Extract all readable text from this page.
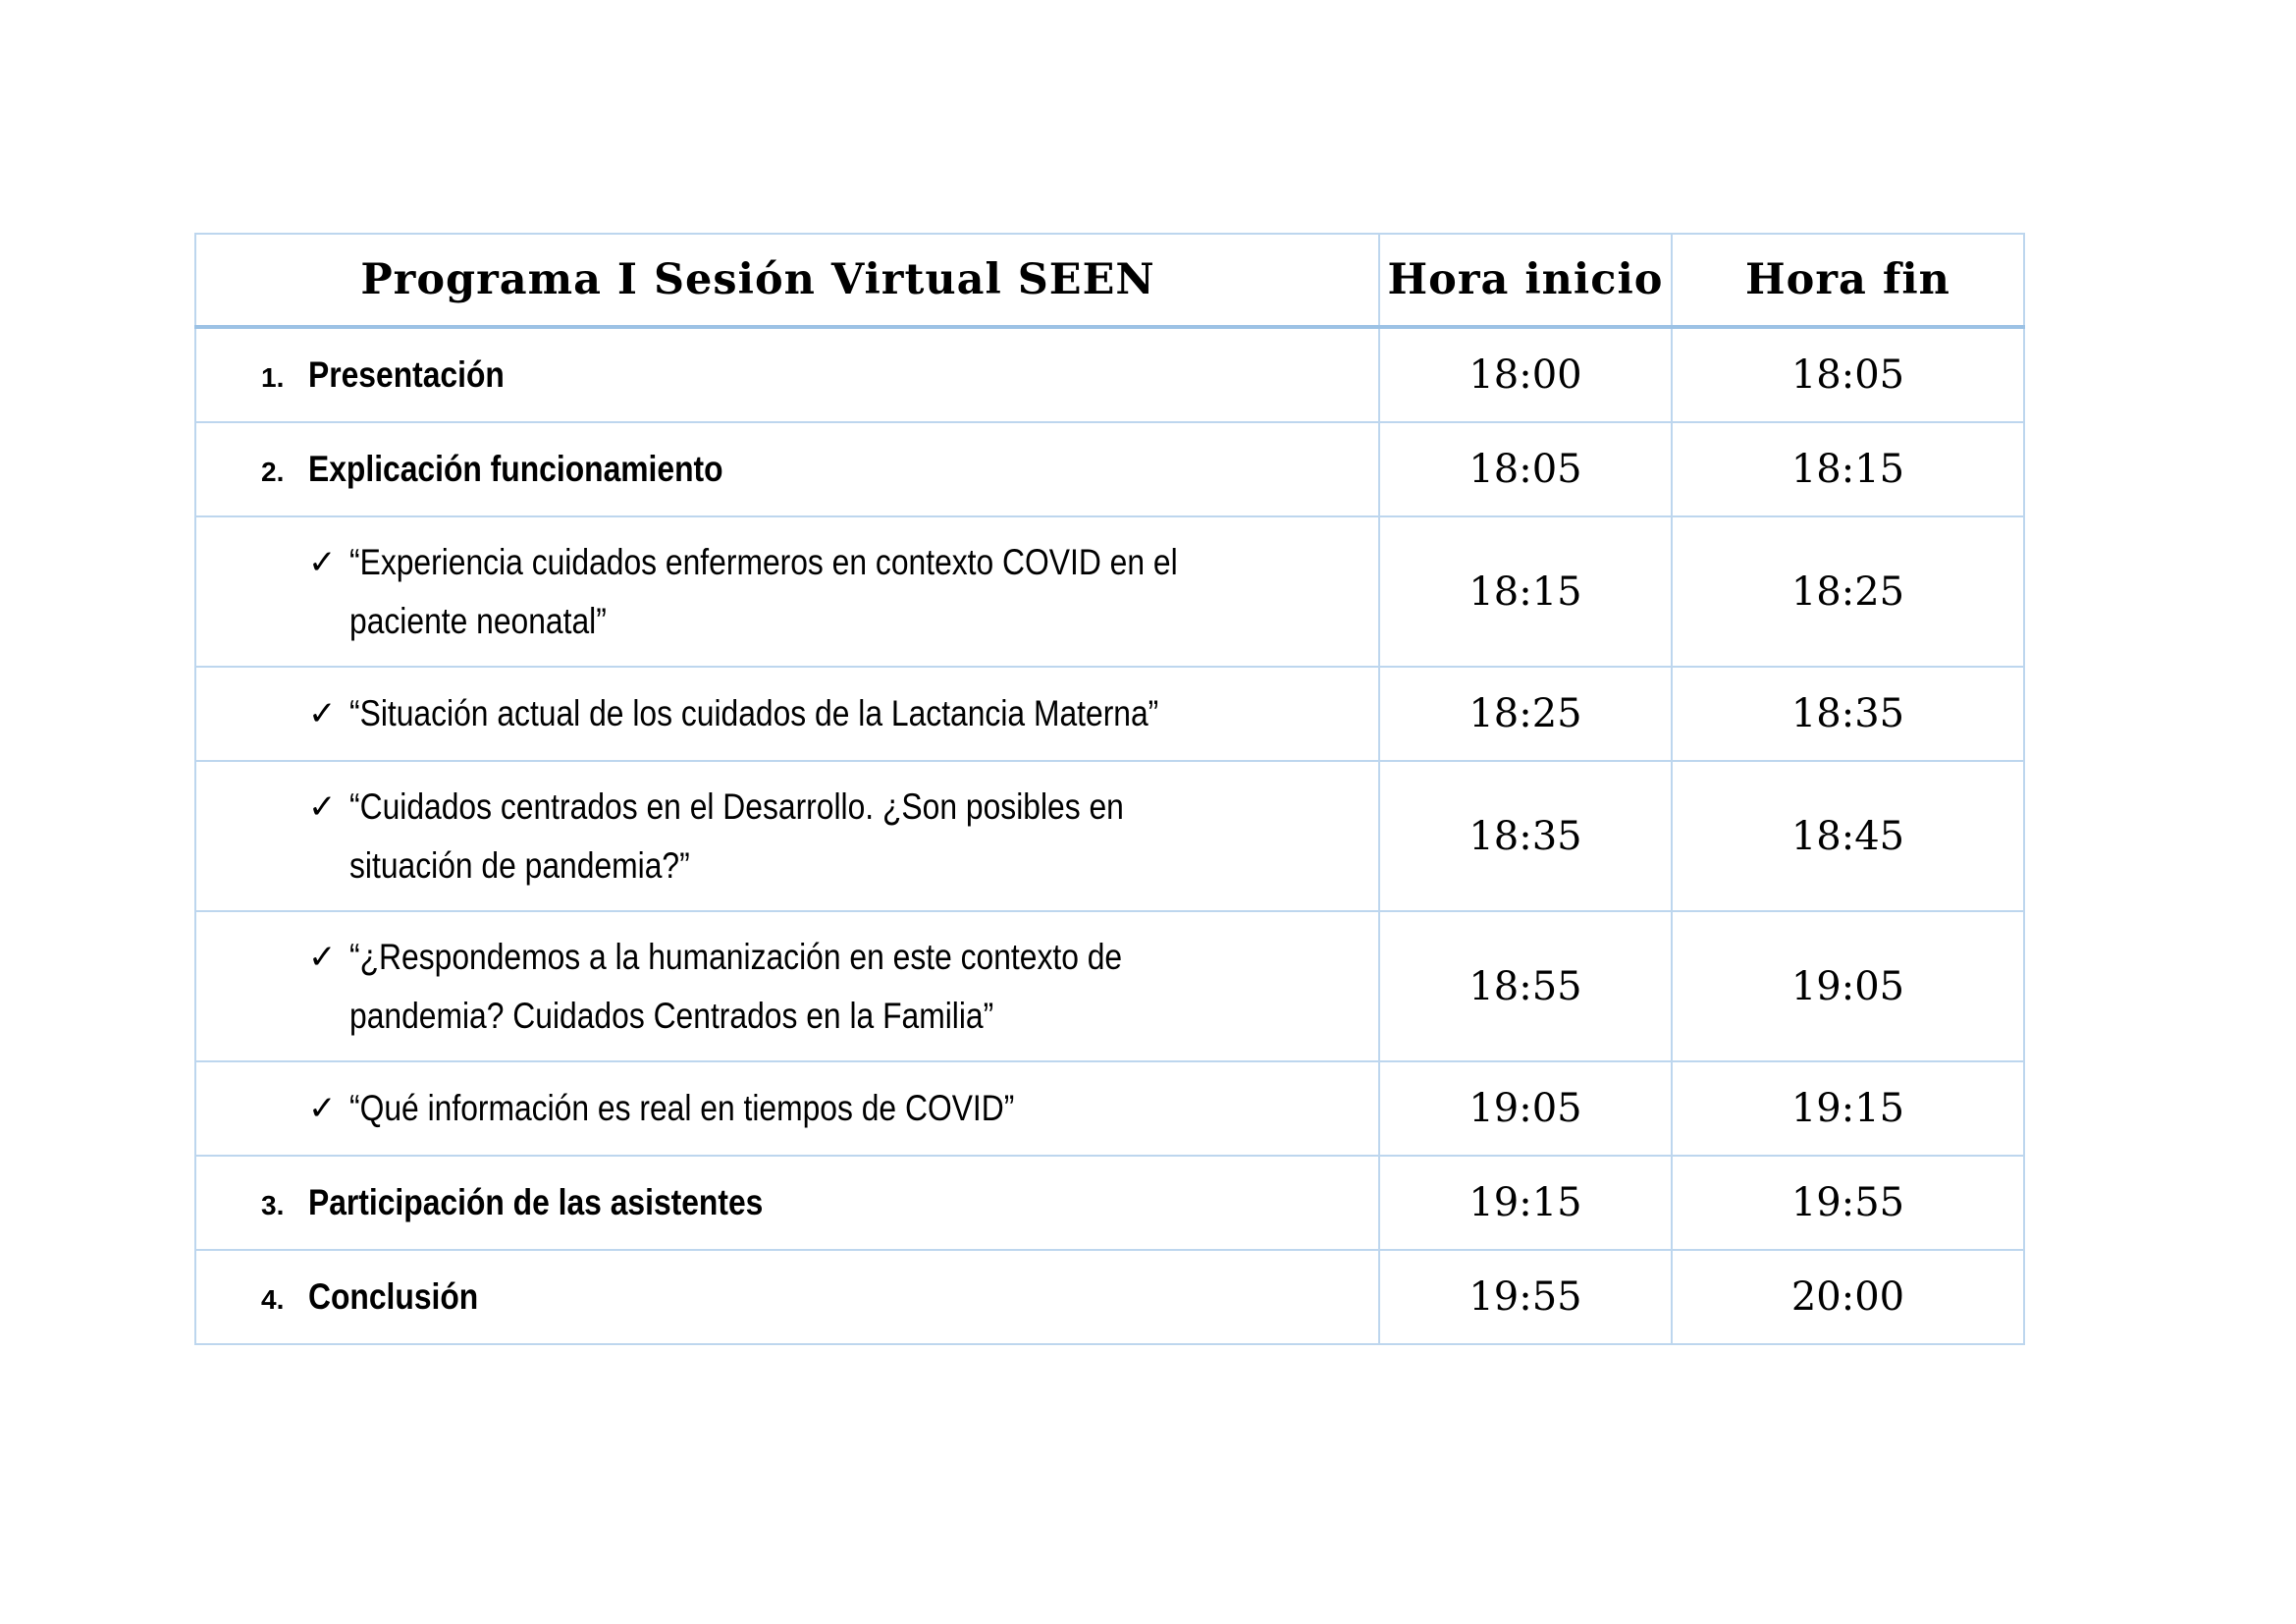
Programa I Sesión Virtual SEEN	Hora inicio	Hora fin

1. Presentación	18:00	18:05

2. Explicación funcionamiento	18:05	18:15

✓ “Experiencia cuidados enfermeros en contexto COVID en el paciente neonatal”	18:15	18:25

✓ “Situación actual de los cuidados de la Lactancia Materna”	18:25	18:35

✓ “Cuidados centrados en el Desarrollo. ¿Son posibles en situación de pandemia?”	18:35	18:45

✓ “¿Respondemos a la humanización en este contexto de pandemia? Cuidados Centrados en la Familia”	18:55	19:05

✓ “Qué información es real en tiempos de COVID”	19:05	19:15

3. Participación de las asistentes	19:15	19:55

4. Conclusión	19:55	20:00
